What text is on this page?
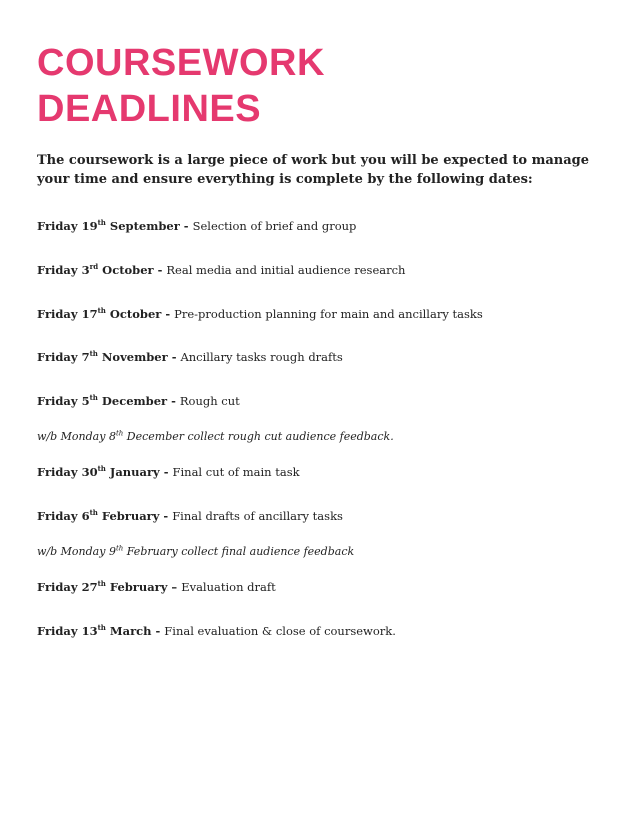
COURSEWORK
DEADLINES

The coursework is a large piece of work but you will be expected to manage your time and ensure everything is complete by the following dates:

Friday 19th September - Selection of brief and group

Friday 3rd October - Real media and initial audience research

Friday 17th October - Pre-production planning for main and ancillary tasks

Friday 7th November - Ancillary tasks rough drafts

Friday 5th December - Rough cut

w/b Monday 8th December collect rough cut audience feedback.

Friday 30th January - Final cut of main task

Friday 6th February - Final drafts of ancillary tasks

w/b Monday 9th February collect final audience feedback

Friday 27th February – Evaluation draft

Friday 13th March - Final evaluation & close of coursework.
